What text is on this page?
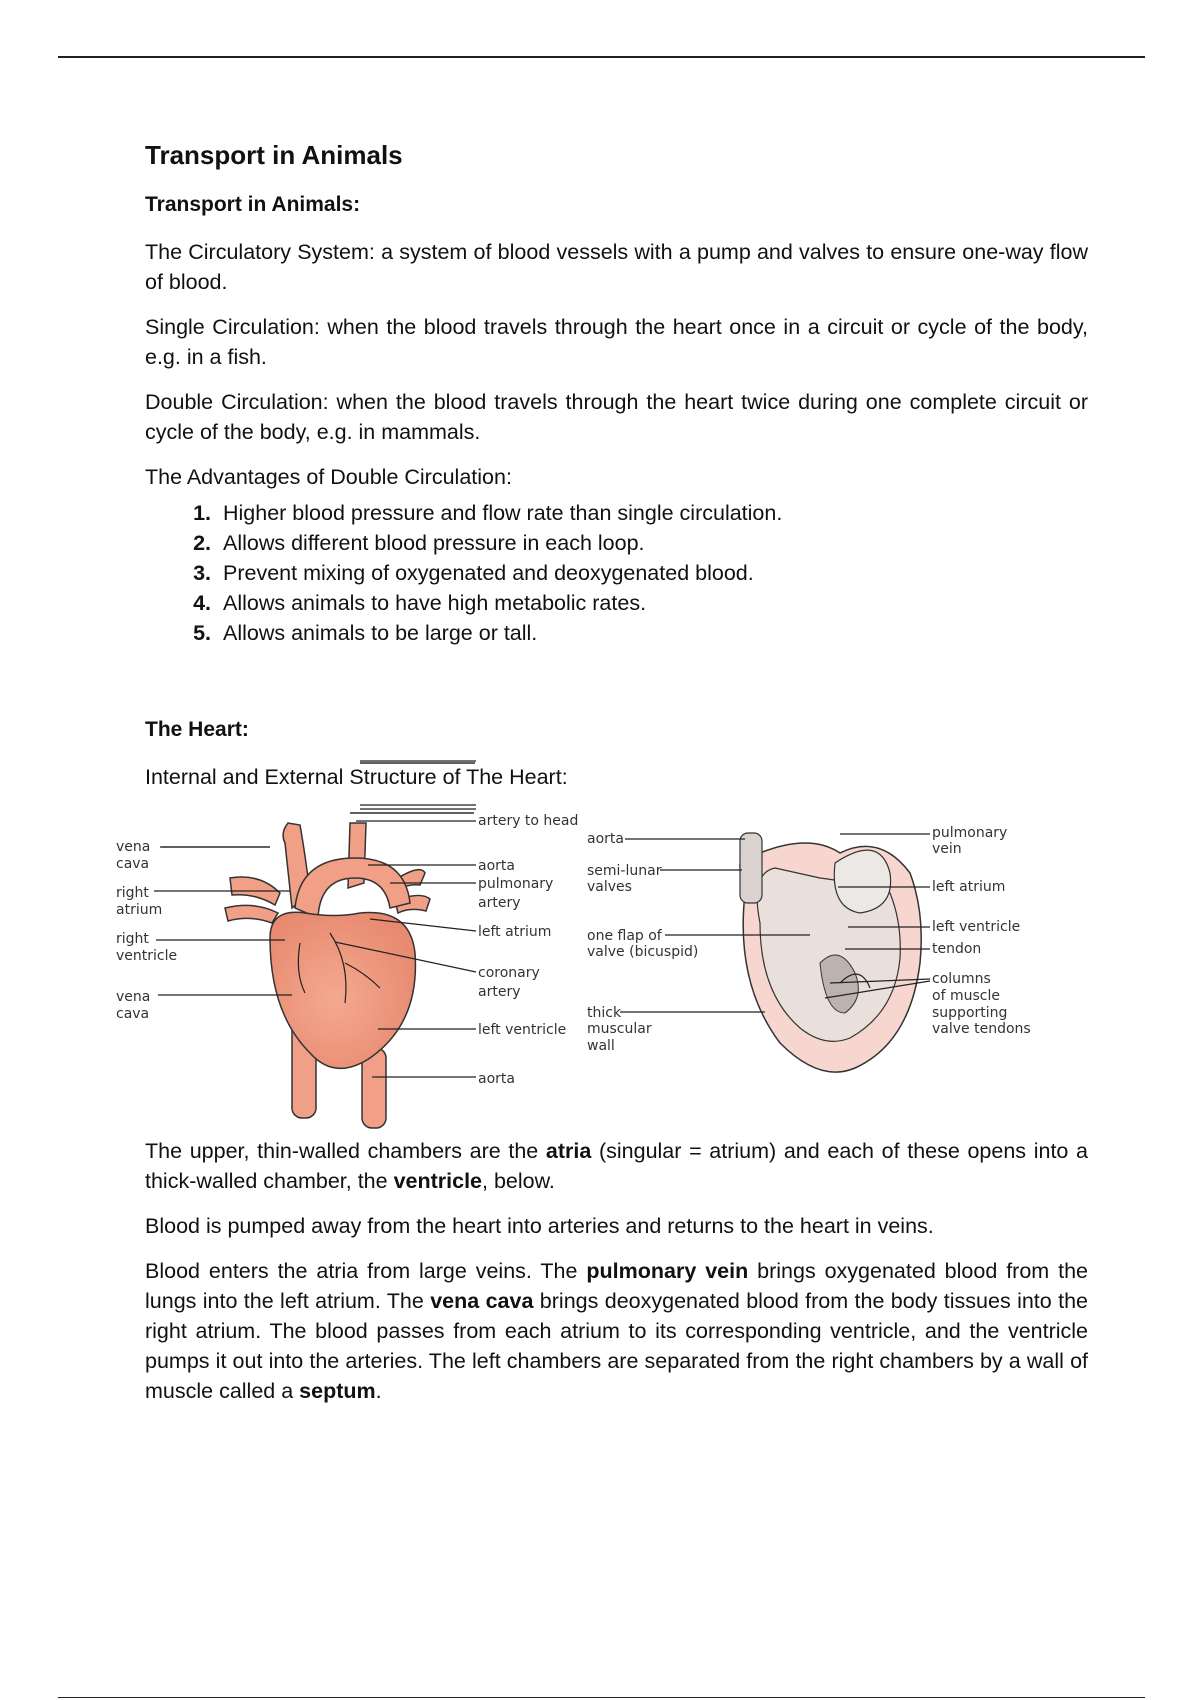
Transport in Animals
Transport in Animals:

The Circulatory System: a system of blood vessels with a pump and valves to ensure one-way flow of blood.

Single Circulation: when the blood travels through the heart once in a circuit or cycle of the body, e.g. in a fish.

Double Circulation: when the blood travels through the heart twice during one complete circuit or cycle of the body, e.g. in mammals.

The Advantages of Double Circulation:

1. Higher blood pressure and flow rate than single circulation.
2. Allows different blood pressure in each loop.
3. Prevent mixing of oxygenated and deoxygenated blood.
4. Allows animals to have high metabolic rates.
5. Allows animals to be large or tall.
The Heart:

Internal and External Structure of The Heart:

vena
cava
right
atrium
right
ventricle
vena
cava
artery to head
aorta
pulmonary
artery
left atrium
coronary
artery
left ventricle
aorta
aorta
semi-lunar
valves
one flap of
valve (bicuspid)
thick
muscular
wall
pulmonary
vein
left atrium
left ventricle
tendon
columns
of muscle
supporting
valve tendons

The upper, thin-walled chambers are the atria (singular = atrium) and each of these opens into a thick-walled chamber, the ventricle, below.

Blood is pumped away from the heart into arteries and returns to the heart in veins.

Blood enters the atria from large veins. The pulmonary vein brings oxygenated blood from the lungs into the left atrium. The vena cava brings deoxygenated blood from the body tissues into the right atrium. The blood passes from each atrium to its corresponding ventricle, and the ventricle pumps it out into the arteries. The left chambers are separated from the right chambers by a wall of muscle called a septum.
